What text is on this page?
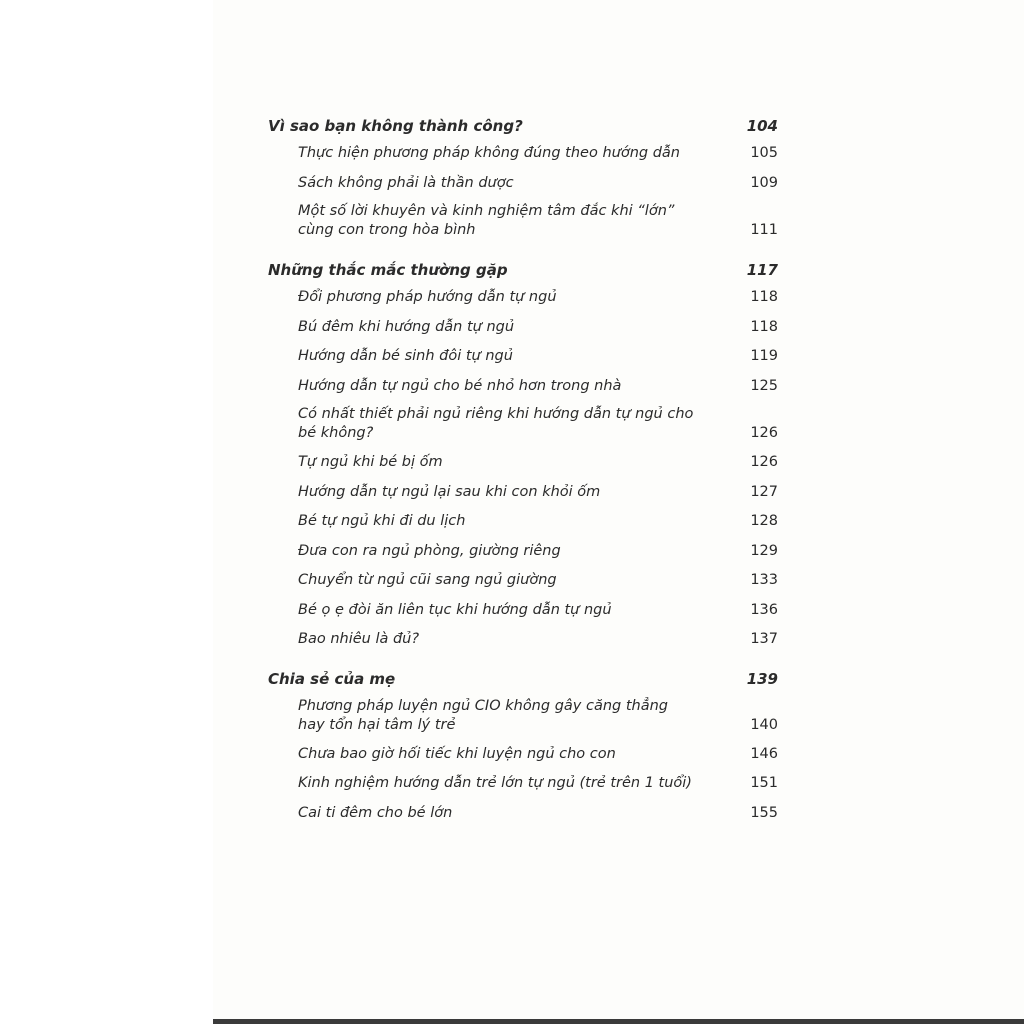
Vì sao bạn không thành công?	104
Thực hiện phương pháp không đúng theo hướng dẫn	105
Sách không phải là thần dược	109
Một số lời khuyên và kinh nghiệm tâm đắc khi “lớn” cùng con trong hòa bình	111
Những thắc mắc thường gặp	117
Đổi phương pháp hướng dẫn tự ngủ	118
Bú đêm khi hướng dẫn tự ngủ	118
Hướng dẫn bé sinh đôi tự ngủ	119
Hướng dẫn tự ngủ cho bé nhỏ hơn trong nhà	125
Có nhất thiết phải ngủ riêng khi hướng dẫn tự ngủ cho bé không?	126
Tự ngủ khi bé bị ốm	126
Hướng dẫn tự ngủ lại sau khi con khỏi ốm	127
Bé tự ngủ khi đi du lịch	128
Đưa con ra ngủ phòng, giường riêng	129
Chuyển từ ngủ cũi sang ngủ giường	133
Bé ọ ẹ đòi ăn liên tục khi hướng dẫn tự ngủ	136
Bao nhiêu là đủ?	137
Chia sẻ của mẹ	139
Phương pháp luyện ngủ CIO không gây căng thẳng hay tổn hại tâm lý trẻ	140
Chưa bao giờ hối tiếc khi luyện ngủ cho con	146
Kinh nghiệm hướng dẫn trẻ lớn tự ngủ (trẻ trên 1 tuổi)	151
Cai ti đêm cho bé lớn	155
